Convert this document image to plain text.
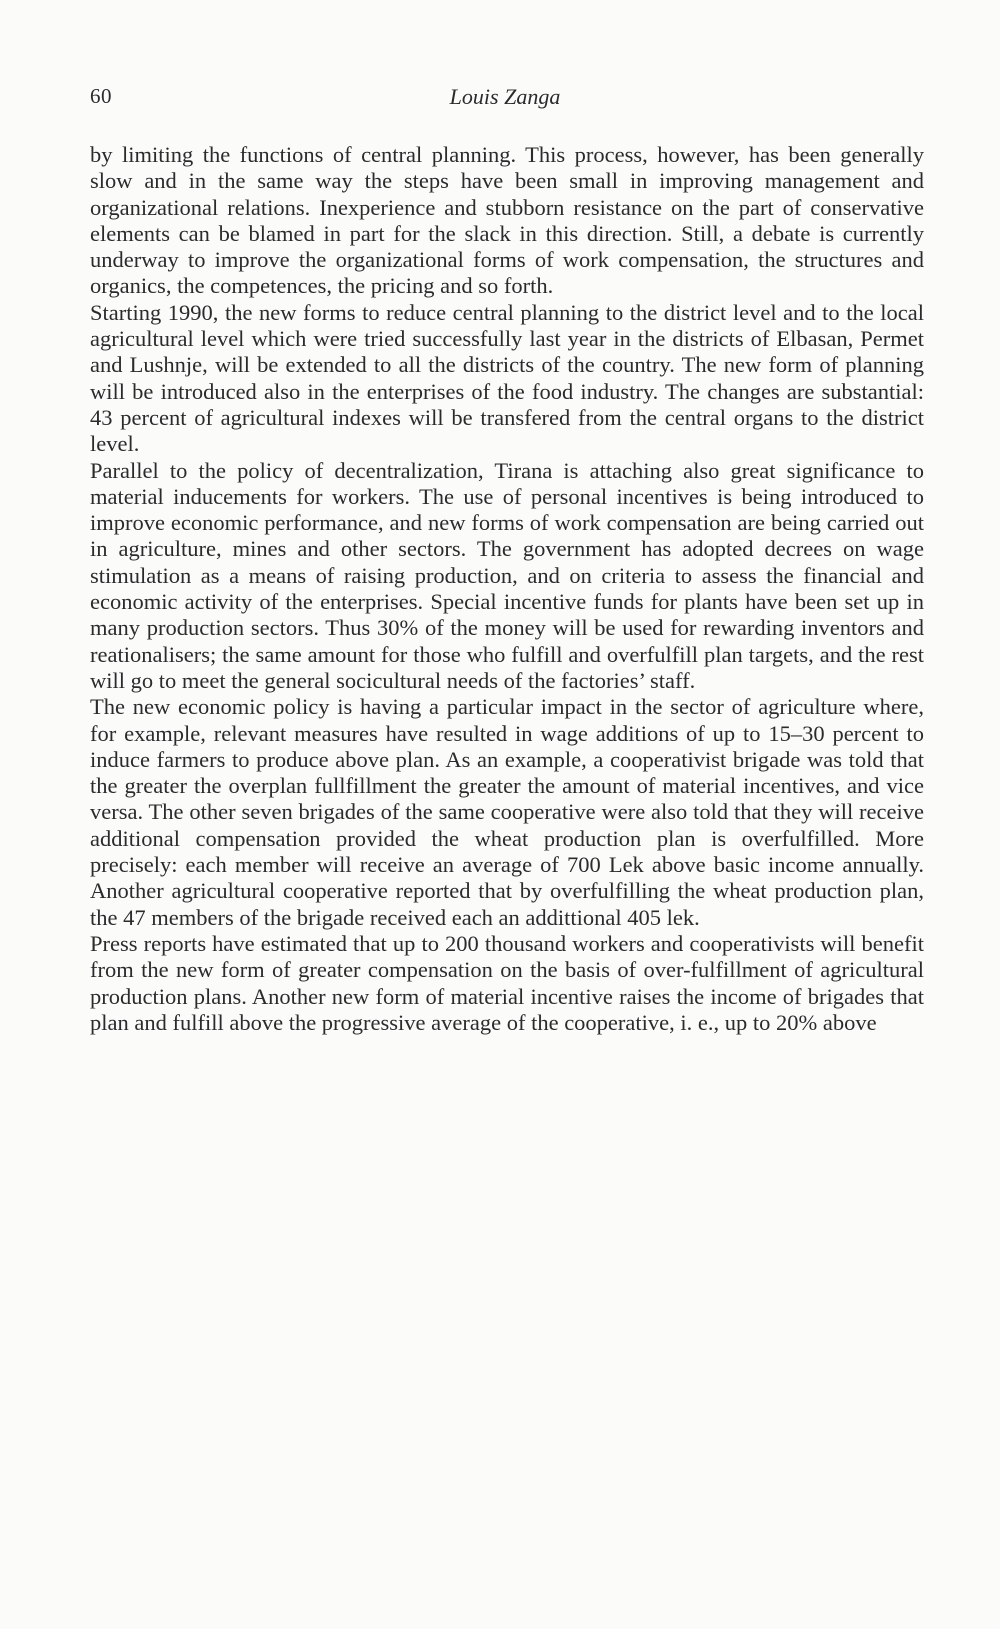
60	Louis Zanga

by limiting the functions of central planning. This process, however, has been generally slow and in the same way the steps have been small in improving management and organizational relations. Inexperience and stubborn resistance on the part of conservative elements can be blamed in part for the slack in this direction. Still, a debate is currently underway to improve the organizational forms of work compensation, the structures and organics, the competences, the pricing and so forth.

Starting 1990, the new forms to reduce central planning to the district level and to the local agricultural level which were tried successfully last year in the districts of Elbasan, Permet and Lushnje, will be extended to all the districts of the country. The new form of planning will be introduced also in the enterprises of the food industry. The changes are substantial: 43 percent of agricultural indexes will be transfered from the central organs to the district level.

Parallel to the policy of decentralization, Tirana is attaching also great significance to material inducements for workers. The use of personal incentives is being introduced to improve economic performance, and new forms of work compensation are being carried out in agriculture, mines and other sectors. The government has adopted decrees on wage stimulation as a means of raising production, and on criteria to assess the financial and economic activity of the enterprises. Special incentive funds for plants have been set up in many production sectors. Thus 30% of the money will be used for rewarding inventors and reationalisers; the same amount for those who fulfill and overfulfill plan targets, and the rest will go to meet the general socicultural needs of the factories’ staff.

The new economic policy is having a particular impact in the sector of agriculture where, for example, relevant measures have resulted in wage additions of up to 15–30 percent to induce farmers to produce above plan. As an example, a cooperativist brigade was told that the greater the overplan fullfillment the greater the amount of material incentives, and vice versa. The other seven brigades of the same cooperative were also told that they will receive additional compensation provided the wheat production plan is overfulfilled. More precisely: each member will receive an average of 700 Lek above basic income annually. Another agricultural cooperative reported that by overfulfilling the wheat production plan, the 47 members of the brigade received each an addittional 405 lek.

Press reports have estimated that up to 200 thousand workers and cooperativists will benefit from the new form of greater compensation on the basis of over-fulfillment of agricultural production plans. Another new form of material incentive raises the income of brigades that plan and fulfill above the progressive average of the cooperative, i. e., up to 20% above
